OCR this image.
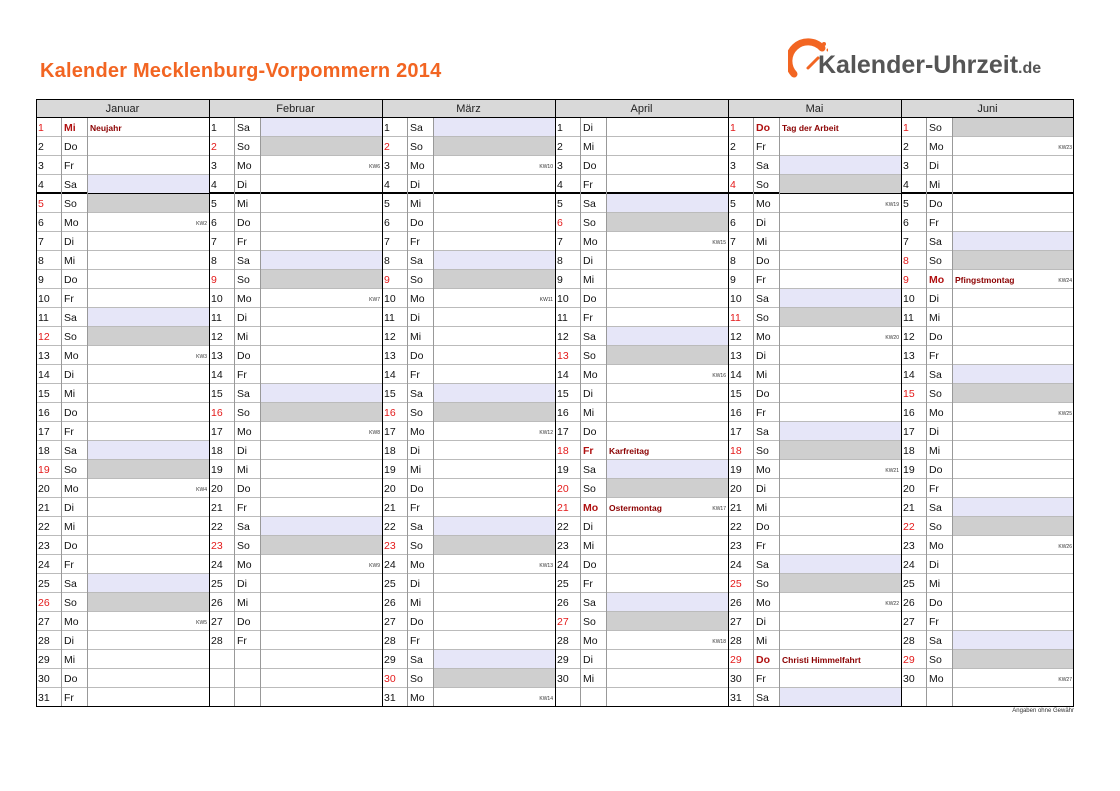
Kalender Mecklenburg-Vorpommern 2014	Kalender-Uhrzeit.de
Januar
1	Mi	Neujahr
2	Do
3	Fr
4	Sa
5	So
6	Mo	KW2
7	Di
8	Mi
9	Do
10	Fr
11	Sa
12	So
13	Mo	KW3
14	Di
15	Mi
16	Do
17	Fr
18	Sa
19	So
20	Mo	KW4
21	Di
22	Mi
23	Do
24	Fr
25	Sa
26	So
27	Mo	KW5
28	Di
29	Mi
30	Do
31	Fr
Februar
1	Sa
2	So
3	Mo	KW6
4	Di
5	Mi
6	Do
7	Fr
8	Sa
9	So
10	Mo	KW7
11	Di
12	Mi
13	Do
14	Fr
15	Sa
16	So
17	Mo	KW8
18	Di
19	Mi
20	Do
21	Fr
22	Sa
23	So
24	Mo	KW9
25	Di
26	Mi
27	Do
28	Fr
März
1	Sa
2	So
3	Mo	KW10
4	Di
5	Mi
6	Do
7	Fr
8	Sa
9	So
10	Mo	KW11
11	Di
12	Mi
13	Do
14	Fr
15	Sa
16	So
17	Mo	KW12
18	Di
19	Mi
20	Do
21	Fr
22	Sa
23	So
24	Mo	KW13
25	Di
26	Mi
27	Do
28	Fr
29	Sa
30	So
31	Mo	KW14
April
1	Di
2	Mi
3	Do
4	Fr
5	Sa
6	So
7	Mo	KW15
8	Di
9	Mi
10	Do
11	Fr
12	Sa
13	So
14	Mo	KW16
15	Di
16	Mi
17	Do
18	Fr	Karfreitag
19	Sa
20	So
21	Mo	Ostermontag	KW17
22	Di
23	Mi
24	Do
25	Fr
26	Sa
27	So
28	Mo	KW18
29	Di
30	Mi
Mai
1	Do	Tag der Arbeit
2	Fr
3	Sa
4	So
5	Mo	KW19
6	Di
7	Mi
8	Do
9	Fr
10	Sa
11	So
12	Mo	KW20
13	Di
14	Mi
15	Do
16	Fr
17	Sa
18	So
19	Mo	KW21
20	Di
21	Mi
22	Do
23	Fr
24	Sa
25	So
26	Mo	KW22
27	Di
28	Mi
29	Do	Christi Himmelfahrt
30	Fr
31	Sa
Juni
1	So
2	Mo	KW23
3	Di
4	Mi
5	Do
6	Fr
7	Sa
8	So
9	Mo	Pfingstmontag	KW24
10	Di
11	Mi
12	Do
13	Fr
14	Sa
15	So
16	Mo	KW25
17	Di
18	Mi
19	Do
20	Fr
21	Sa
22	So
23	Mo	KW26
24	Di
25	Mi
26	Do
27	Fr
28	Sa
29	So
30	Mo	KW27
Angaben ohne Gewähr
